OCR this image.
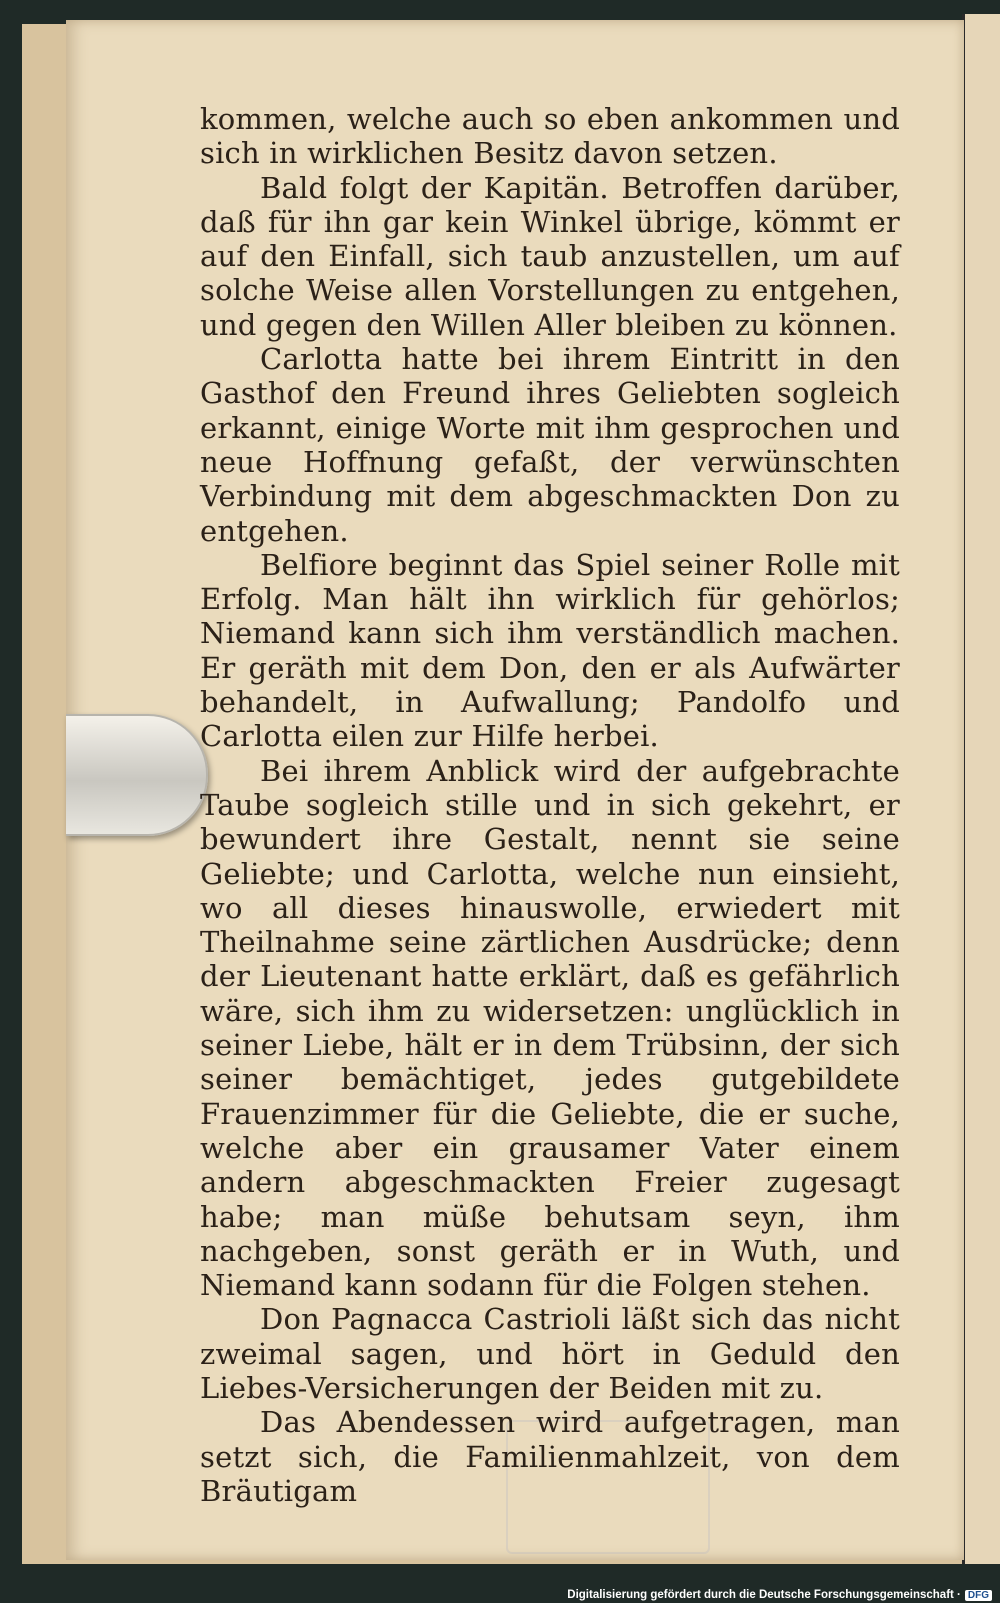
kommen, welche auch so eben ankommen und sich in wirklichen Besitz davon setzen.

Bald folgt der Kapitän. Betroffen darüber, daß für ihn gar kein Winkel übrige, kömmt er auf den Einfall, sich taub anzustellen, um auf solche Weise allen Vorstellungen zu entgehen, und gegen den Willen Aller bleiben zu können.

Carlotta hatte bei ihrem Eintritt in den Gasthof den Freund ihres Geliebten sogleich erkannt, einige Worte mit ihm gesprochen und neue Hoffnung gefaßt, der verwünschten Verbindung mit dem abgeschmackten Don zu entgehen.

Belfiore beginnt das Spiel seiner Rolle mit Erfolg. Man hält ihn wirklich für gehörlos; Niemand kann sich ihm verständlich machen. Er geräth mit dem Don, den er als Aufwärter behandelt, in Aufwallung; Pandolfo und Carlotta eilen zur Hilfe herbei.

Bei ihrem Anblick wird der aufgebrachte Taube sogleich stille und in sich gekehrt, er bewundert ihre Gestalt, nennt sie seine Geliebte; und Carlotta, welche nun einsieht, wo all dieses hinauswolle, erwiedert mit Theilnahme seine zärtlichen Ausdrücke; denn der Lieutenant hatte erklärt, daß es gefährlich wäre, sich ihm zu widersetzen: unglücklich in seiner Liebe, hält er in dem Trübsinn, der sich seiner bemächtiget, jedes gutgebildete Frauenzimmer für die Geliebte, die er suche, welche aber ein grausamer Vater einem andern abgeschmackten Freier zugesagt habe; man müße behutsam seyn, ihm nachgeben, sonst geräth er in Wuth, und Niemand kann sodann für die Folgen stehen.

Don Pagnacca Castrioli läßt sich das nicht zweimal sagen, und hört in Geduld den Liebes-Versicherungen der Beiden mit zu.

Das Abendessen wird aufgetragen, man setzt sich, die Familienmahlzeit, von dem Bräutigam

Digitalisierung gefördert durch die Deutsche Forschungsgemeinschaft · DFG
